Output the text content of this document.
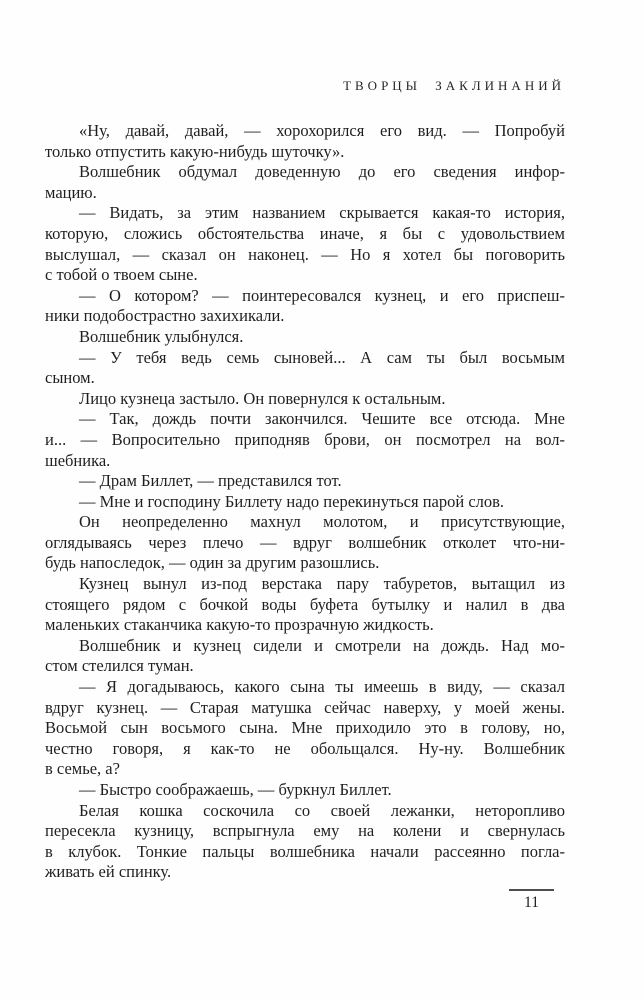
ТВОРЦЫ ЗАКЛИНАНИЙ
«Ну, давай, давай, — хорохорился его вид. — Попробуй
только отпустить какую-нибудь шуточку».
Волшебник обдумал доведенную до его сведения инфор-
мацию.
— Видать, за этим названием скрывается какая-то история,
которую, сложись обстоятельства иначе, я бы с удовольствием
выслушал, — сказал он наконец. — Но я хотел бы поговорить
с тобой о твоем сыне.
— О котором? — поинтересовался кузнец, и его приспеш-
ники подобострастно захихикали.
Волшебник улыбнулся.
— У тебя ведь семь сыновей... А сам ты был восьмым
сыном.
Лицо кузнеца застыло. Он повернулся к остальным.
— Так, дождь почти закончился. Чешите все отсюда. Мне
и... — Вопросительно приподняв брови, он посмотрел на вол-
шебника.
— Драм Биллет, — представился тот.
— Мне и господину Биллету надо перекинуться парой слов.
Он неопределенно махнул молотом, и присутствующие,
оглядываясь через плечо — вдруг волшебник отколет что-ни-
будь напоследок, — один за другим разошлись.
Кузнец вынул из-под верстака пару табуретов, вытащил из
стоящего рядом с бочкой воды буфета бутылку и налил в два
маленьких стаканчика какую-то прозрачную жидкость.
Волшебник и кузнец сидели и смотрели на дождь. Над мо-
стом стелился туман.
— Я догадываюсь, какого сына ты имеешь в виду, — сказал
вдруг кузнец. — Старая матушка сейчас наверху, у моей жены.
Восьмой сын восьмого сына. Мне приходило это в голову, но,
честно говоря, я как-то не обольщался. Ну-ну. Волшебник
в семье, а?
— Быстро соображаешь, — буркнул Биллет.
Белая кошка соскочила со своей лежанки, неторопливо
пересекла кузницу, вспрыгнула ему на колени и свернулась
в клубок. Тонкие пальцы волшебника начали рассеянно погла-
живать ей спинку.
11
